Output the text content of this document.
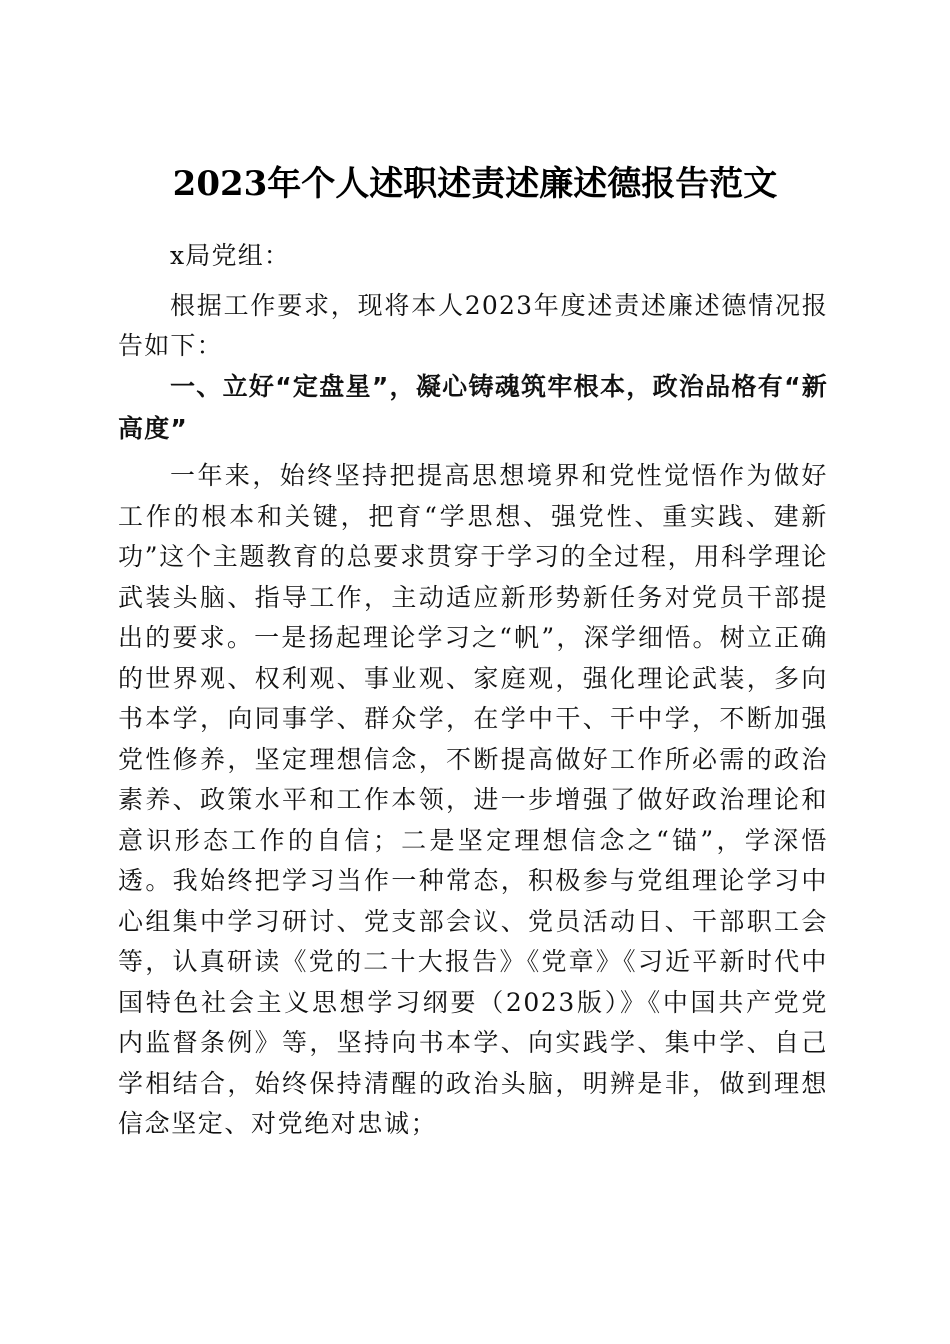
2023年个人述职述责述廉述德报告范文

x局党组：

根据工作要求，现将本人2023年度述责述廉述德情况报告如下：

一、立好“定盘星”，凝心铸魂筑牢根本，政治品格有“新高度”

一年来，始终坚持把提高思想境界和党性觉悟作为做好工作的根本和关键，把育“学思想、强党性、重实践、建新功”这个主题教育的总要求贯穿于学习的全过程，用科学理论武装头脑、指导工作，主动适应新形势新任务对党员干部提出的要求。一是扬起理论学习之“帆”，深学细悟。树立正确的世界观、权利观、事业观、家庭观，强化理论武装，多向书本学，向同事学、群众学，在学中干、干中学，不断加强党性修养，坚定理想信念，不断提高做好工作所必需的政治素养、政策水平和工作本领，进一步增强了做好政治理论和意识形态工作的自信；二是坚定理想信念之“锚”，学深悟透。我始终把学习当作一种常态，积极参与党组理论学习中心组集中学习研讨、党支部会议、党员活动日、干部职工会等，认真研读《党的二十大报告》《党章》《习近平新时代中国特色社会主义思想学习纲要（2023版）》《中国共产党党内监督条例》等，坚持向书本学、向实践学、集中学、自己学相结合，始终保持清醒的政治头脑，明辨是非，做到理想信念坚定、对党绝对忠诚；
